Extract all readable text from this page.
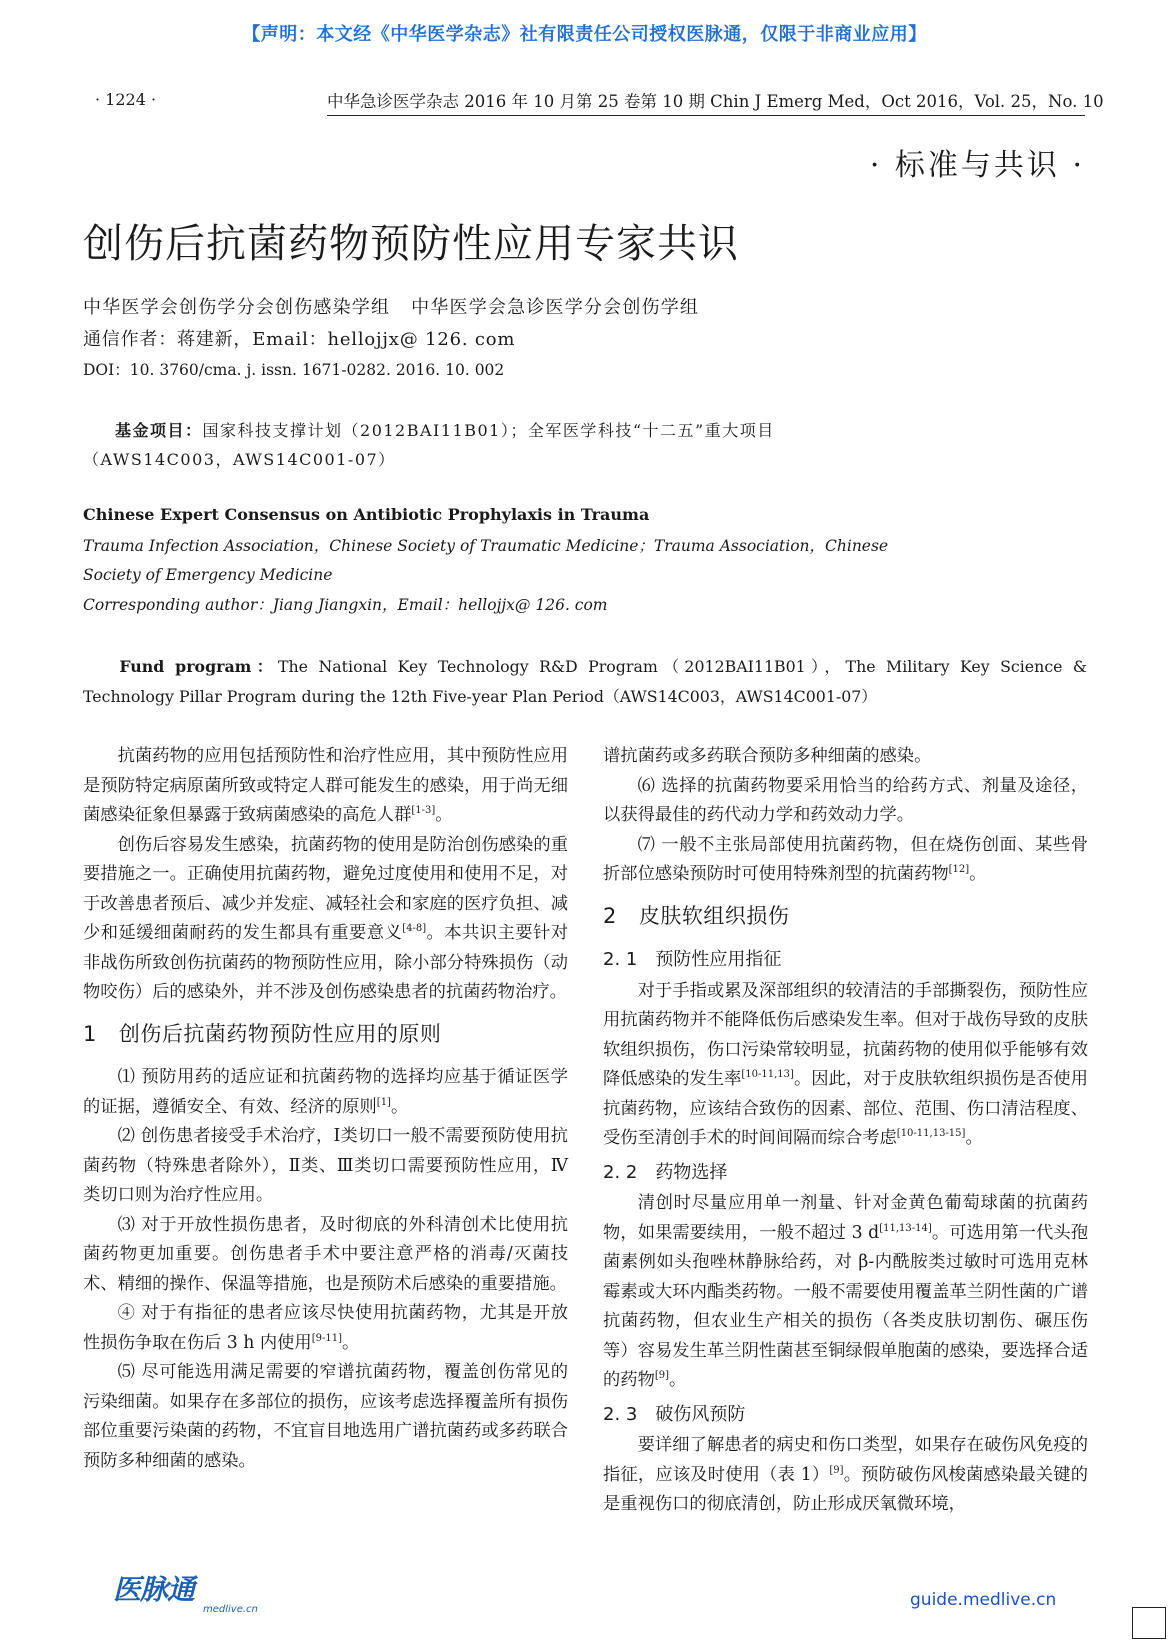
【声明：本文经《中华医学杂志》社有限责任公司授权医脉通，仅限于非商业应用】
· 1224 ·	中华急诊医学杂志 2016 年 10 月第 25 卷第 10 期 Chin J Emerg Med，Oct 2016，Vol. 25，No. 10
· 标准与共识 ·
创伤后抗菌药物预防性应用专家共识
中华医学会创伤学分会创伤感染学组 中华医学会急诊医学分会创伤学组
通信作者：蒋建新，Email：hellojjx@ 126. com
DOI：10. 3760/cma. j. issn. 1671-0282. 2016. 10. 002
基金项目：国家科技支撑计划（2012BAI11B01）；全军医学科技“十二五”重大项目（AWS14C003，AWS14C001-07）
Chinese Expert Consensus on Antibiotic Prophylaxis in Trauma
Trauma Infection Association，Chinese Society of Traumatic Medicine；Trauma Association，Chinese Society of Emergency Medicine
Corresponding author：Jiang Jiangxin，Email：hellojjx@ 126. com
Fund program：The National Key Technology R&D Program（2012BAI11B01），The Military Key Science & Technology Pillar Program during the 12th Five-year Plan Period（AWS14C003，AWS14C001-07）

抗菌药物的应用包括预防性和治疗性应用，其中预防性应用是预防特定病原菌所致或特定人群可能发生的感染，用于尚无细菌感染征象但暴露于致病菌感染的高危人群[1-3]。

创伤后容易发生感染，抗菌药物的使用是防治创伤感染的重要措施之一。正确使用抗菌药物，避免过度使用和使用不足，对于改善患者预后、减少并发症、减轻社会和家庭的医疗负担、减少和延缓细菌耐药的发生都具有重要意义[4-8]。本共识主要针对非战伤所致创伤抗菌药的物预防性应用，除小部分特殊损伤（动物咬伤）后的感染外，并不涉及创伤感染患者的抗菌药物治疗。

1 创伤后抗菌药物预防性应用的原则

⑴ 预防用药的适应证和抗菌药物的选择均应基于循证医学的证据，遵循安全、有效、经济的原则[1]。

⑵ 创伤患者接受手术治疗，Ⅰ类切口一般不需要预防使用抗菌药物（特殊患者除外），Ⅱ类、Ⅲ类切口需要预防性应用，Ⅳ类切口则为治疗性应用。

⑶ 对于开放性损伤患者，及时彻底的外科清创术比使用抗菌药物更加重要。创伤患者手术中要注意严格的消毒/灭菌技术、精细的操作、保温等措施，也是预防术后感染的重要措施。

④ 对于有指征的患者应该尽快使用抗菌药物，尤其是开放性损伤争取在伤后 3 h 内使用[9-11]。

⑸ 尽可能选用满足需要的窄谱抗菌药物，覆盖创伤常见的污染细菌。如果存在多部位的损伤，应该考虑选择覆盖所有损伤部位重要污染菌的药物，不宜盲目地选用广谱抗菌药或多药联合预防多种细菌的感染。

谱抗菌药或多药联合预防多种细菌的感染。

⑹ 选择的抗菌药物要采用恰当的给药方式、剂量及途径，以获得最佳的药代动力学和药效动力学。

⑺ 一般不主张局部使用抗菌药物，但在烧伤创面、某些骨折部位感染预防时可使用特殊剂型的抗菌药物[12]。

2 皮肤软组织损伤
2. 1 预防性应用指征

对于手指或累及深部组织的较清洁的手部撕裂伤，预防性应用抗菌药物并不能降低伤后感染发生率。但对于战伤导致的皮肤软组织损伤，伤口污染常较明显，抗菌药物的使用似乎能够有效降低感染的发生率[10-11,13]。因此，对于皮肤软组织损伤是否使用抗菌药物，应该结合致伤的因素、部位、范围、伤口清洁程度、受伤至清创手术的时间间隔而综合考虑[10-11,13-15]。

2. 2 药物选择

清创时尽量应用单一剂量、针对金黄色葡萄球菌的抗菌药物，如果需要续用，一般不超过 3 d[11,13-14]。可选用第一代头孢菌素例如头孢唑林静脉给药，对 β-内酰胺类过敏时可选用克林霉素或大环内酯类药物。一般不需要使用覆盖革兰阴性菌的广谱抗菌药物，但农业生产相关的损伤（各类皮肤切割伤、碾压伤等）容易发生革兰阴性菌甚至铜绿假单胞菌的感染，要选择合适的药物[9]。

2. 3 破伤风预防

要详细了解患者的病史和伤口类型，如果存在破伤风免疫的指征，应该及时使用（表 1）[9]。预防破伤风梭菌感染最关键的是重视伤口的彻底清创，防止形成厌氧微环境，

医脉通
medlive.cn	guide.medlive.cn
